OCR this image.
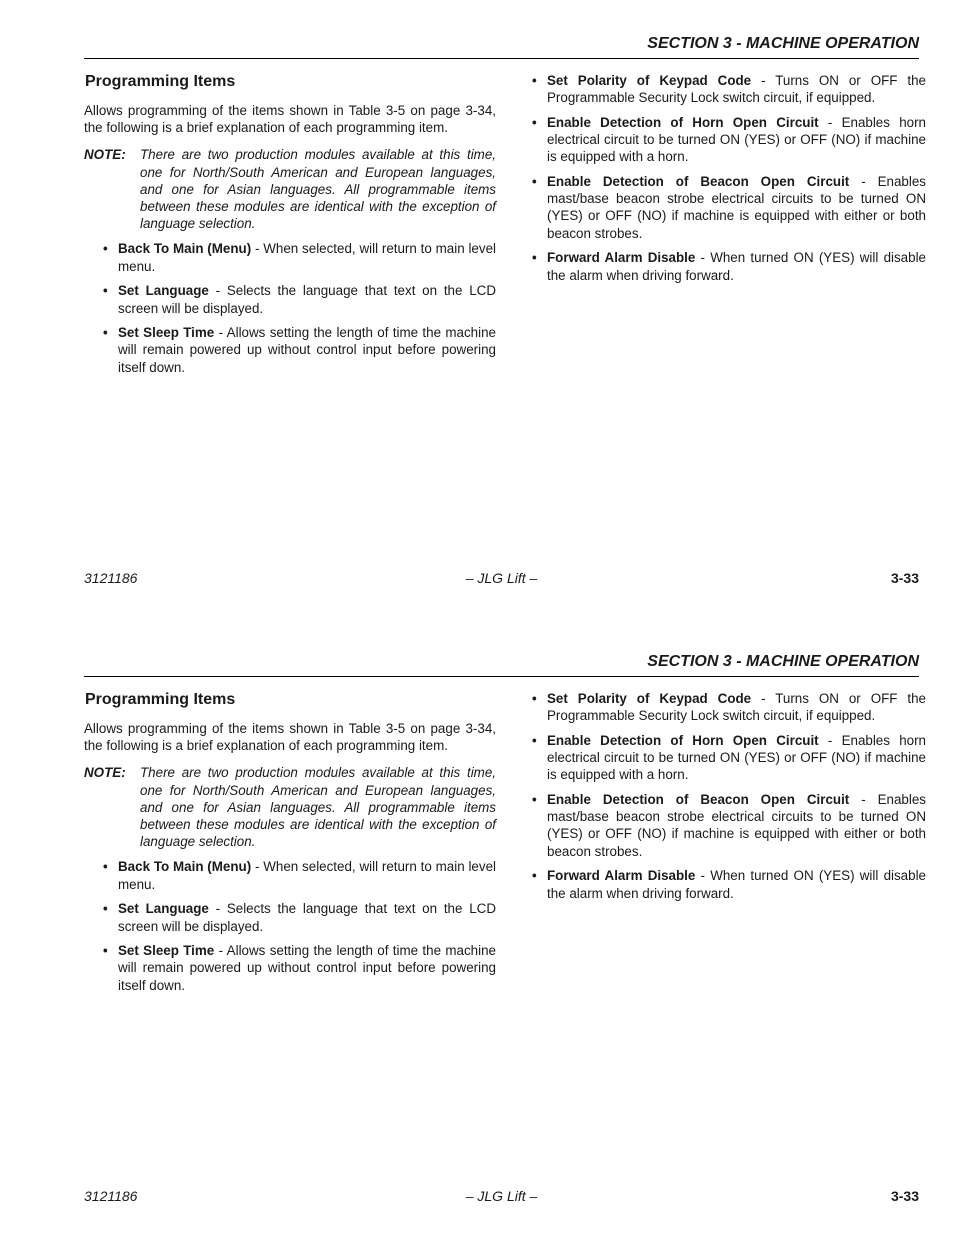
SECTION 3 - MACHINE OPERATION
Programming Items

Allows programming of the items shown in Table 3-5 on page 3-34, the following is a brief explanation of each programming item.

NOTE: There are two production modules available at this time, one for North/South American and European languages, and one for Asian languages. All programmable items between these modules are identical with the exception of language selection.
• Back To Main (Menu) - When selected, will return to main level menu.
• Set Language - Selects the language that text on the LCD screen will be displayed.
• Set Sleep Time - Allows setting the length of time the machine will remain powered up without control input before powering itself down.
• Set Polarity of Keypad Code - Turns ON or OFF the Programmable Security Lock switch circuit, if equipped.
• Enable Detection of Horn Open Circuit - Enables horn electrical circuit to be turned ON (YES) or OFF (NO) if machine is equipped with a horn.
• Enable Detection of Beacon Open Circuit - Enables mast/base beacon strobe electrical circuits to be turned ON (YES) or OFF (NO) if machine is equipped with either or both beacon strobes.
• Forward Alarm Disable - When turned ON (YES) will disable the alarm when driving forward.
3121186	– JLG Lift –	3-33
SECTION 3 - MACHINE OPERATION
Programming Items

Allows programming of the items shown in Table 3-5 on page 3-34, the following is a brief explanation of each programming item.

NOTE: There are two production modules available at this time, one for North/South American and European languages, and one for Asian languages. All programmable items between these modules are identical with the exception of language selection.
• Back To Main (Menu) - When selected, will return to main level menu.
• Set Language - Selects the language that text on the LCD screen will be displayed.
• Set Sleep Time - Allows setting the length of time the machine will remain powered up without control input before powering itself down.
• Set Polarity of Keypad Code - Turns ON or OFF the Programmable Security Lock switch circuit, if equipped.
• Enable Detection of Horn Open Circuit - Enables horn electrical circuit to be turned ON (YES) or OFF (NO) if machine is equipped with a horn.
• Enable Detection of Beacon Open Circuit - Enables mast/base beacon strobe electrical circuits to be turned ON (YES) or OFF (NO) if machine is equipped with either or both beacon strobes.
• Forward Alarm Disable - When turned ON (YES) will disable the alarm when driving forward.
3121186	– JLG Lift –	3-33
